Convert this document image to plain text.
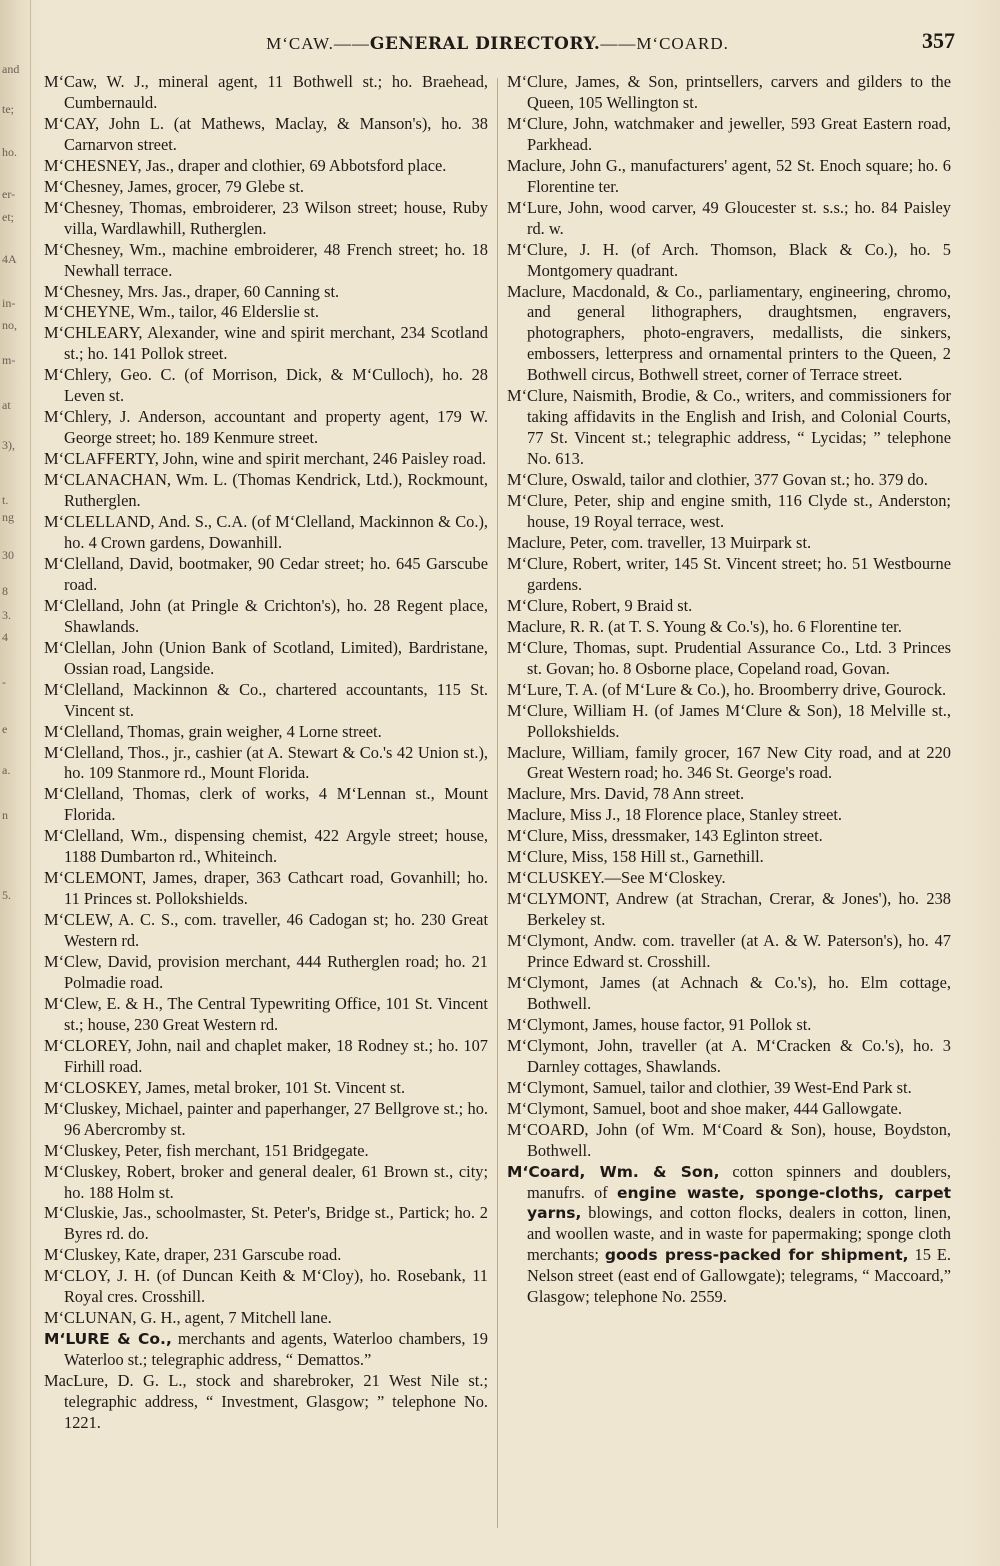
and
te;
ho.
er-
et;
4A
in-
no,
m-
at
3),
t.
ng
30
8
3.
4
-
e
a.
n
5.
M‘CAW.——GENERAL DIRECTORY.——M‘COARD.	357
M‘Caw, W. J., mineral agent, 11 Bothwell st.; ho. Braehead, Cumbernauld.
M‘CAY, John L. (at Mathews, Maclay, & Manson's), ho. 38 Carnarvon street.
M‘CHESNEY, Jas., draper and clothier, 69 Abbotsford place.
M‘Chesney, James, grocer, 79 Glebe st.
M‘Chesney, Thomas, embroiderer, 23 Wilson street; house, Ruby villa, Wardlawhill, Rutherglen.
M‘Chesney, Wm., machine embroiderer, 48 French street; ho. 18 Newhall terrace.
M‘Chesney, Mrs. Jas., draper, 60 Canning st.
M‘CHEYNE, Wm., tailor, 46 Elderslie st.
M‘CHLEARY, Alexander, wine and spirit merchant, 234 Scotland st.; ho. 141 Pollok street.
M‘Chlery, Geo. C. (of Morrison, Dick, & M‘Culloch), ho. 28 Leven st.
M‘Chlery, J. Anderson, accountant and property agent, 179 W. George street; ho. 189 Kenmure street.
M‘CLAFFERTY, John, wine and spirit merchant, 246 Paisley road.
M‘CLANACHAN, Wm. L. (Thomas Kendrick, Ltd.), Rockmount, Rutherglen.
M‘CLELLAND, And. S., C.A. (of M‘Clelland, Mackinnon & Co.), ho. 4 Crown gardens, Dowanhill.
M‘Clelland, David, bootmaker, 90 Cedar street; ho. 645 Garscube road.
M‘Clelland, John (at Pringle & Crichton's), ho. 28 Regent place, Shawlands.
M‘Clellan, John (Union Bank of Scotland, Limited), Bardristane, Ossian road, Langside.
M‘Clelland, Mackinnon & Co., chartered accountants, 115 St. Vincent st.
M‘Clelland, Thomas, grain weigher, 4 Lorne street.
M‘Clelland, Thos., jr., cashier (at A. Stewart & Co.'s 42 Union st.), ho. 109 Stanmore rd., Mount Florida.
M‘Clelland, Thomas, clerk of works, 4 M‘Lennan st., Mount Florida.
M‘Clelland, Wm., dispensing chemist, 422 Argyle street; house, 1188 Dumbarton rd., Whiteinch.
M‘CLEMONT, James, draper, 363 Cathcart road, Govanhill; ho. 11 Princes st. Pollokshields.
M‘CLEW, A. C. S., com. traveller, 46 Cadogan st; ho. 230 Great Western rd.
M‘Clew, David, provision merchant, 444 Rutherglen road; ho. 21 Polmadie road.
M‘Clew, E. & H., The Central Typewriting Office, 101 St. Vincent st.; house, 230 Great Western rd.
M‘CLOREY, John, nail and chaplet maker, 18 Rodney st.; ho. 107 Firhill road.
M‘CLOSKEY, James, metal broker, 101 St. Vincent st.
M‘Cluskey, Michael, painter and paperhanger, 27 Bellgrove st.; ho. 96 Abercromby st.
M‘Cluskey, Peter, fish merchant, 151 Bridgegate.
M‘Cluskey, Robert, broker and general dealer, 61 Brown st., city; ho. 188 Holm st.
M‘Cluskie, Jas., schoolmaster, St. Peter's, Bridge st., Partick; ho. 2 Byres rd. do.
M‘Cluskey, Kate, draper, 231 Garscube road.
M‘CLOY, J. H. (of Duncan Keith & M‘Cloy), ho. Rosebank, 11 Royal cres. Crosshill.
M‘CLUNAN, G. H., agent, 7 Mitchell lane.
M‘LURE & Co., merchants and agents, Waterloo chambers, 19 Waterloo st.; telegraphic address, “ Demattos.”
MacLure, D. G. L., stock and sharebroker, 21 West Nile st.; telegraphic address, “ Investment, Glasgow; ” telephone No. 1221.
M‘Clure, James, & Son, printsellers, carvers and gilders to the Queen, 105 Wellington st.
M‘Clure, John, watchmaker and jeweller, 593 Great Eastern road, Parkhead.
Maclure, John G., manufacturers' agent, 52 St. Enoch square; ho. 6 Florentine ter.
M‘Lure, John, wood carver, 49 Gloucester st. s.s.; ho. 84 Paisley rd. w.
M‘Clure, J. H. (of Arch. Thomson, Black & Co.), ho. 5 Montgomery quadrant.
Maclure, Macdonald, & Co., parliamentary, engineering, chromo, and general lithographers, draughtsmen, engravers, photographers, photo-engravers, medallists, die sinkers, embossers, letterpress and ornamental printers to the Queen, 2 Bothwell circus, Bothwell street, corner of Terrace street.
M‘Clure, Naismith, Brodie, & Co., writers, and commissioners for taking affidavits in the English and Irish, and Colonial Courts, 77 St. Vincent st.; telegraphic address, “ Lycidas; ” telephone No. 613.
M‘Clure, Oswald, tailor and clothier, 377 Govan st.; ho. 379 do.
M‘Clure, Peter, ship and engine smith, 116 Clyde st., Anderston; house, 19 Royal terrace, west.
Maclure, Peter, com. traveller, 13 Muirpark st.
M‘Clure, Robert, writer, 145 St. Vincent street; ho. 51 Westbourne gardens.
M‘Clure, Robert, 9 Braid st.
Maclure, R. R. (at T. S. Young & Co.'s), ho. 6 Florentine ter.
M‘Clure, Thomas, supt. Prudential Assurance Co., Ltd. 3 Princes st. Govan; ho. 8 Osborne place, Copeland road, Govan.
M‘Lure, T. A. (of M‘Lure & Co.), ho. Broomberry drive, Gourock.
M‘Clure, William H. (of James M‘Clure & Son), 18 Melville st., Pollokshields.
Maclure, William, family grocer, 167 New City road, and at 220 Great Western road; ho. 346 St. George's road.
Maclure, Mrs. David, 78 Ann street.
Maclure, Miss J., 18 Florence place, Stanley street.
M‘Clure, Miss, dressmaker, 143 Eglinton street.
M‘Clure, Miss, 158 Hill st., Garnethill.
M‘CLUSKEY.—See M‘Closkey.
M‘CLYMONT, Andrew (at Strachan, Crerar, & Jones'), ho. 238 Berkeley st.
M‘Clymont, Andw. com. traveller (at A. & W. Paterson's), ho. 47 Prince Edward st. Crosshill.
M‘Clymont, James (at Achnach & Co.'s), ho. Elm cottage, Bothwell.
M‘Clymont, James, house factor, 91 Pollok st.
M‘Clymont, John, traveller (at A. M‘Cracken & Co.'s), ho. 3 Darnley cottages, Shawlands.
M‘Clymont, Samuel, tailor and clothier, 39 West-End Park st.
M‘Clymont, Samuel, boot and shoe maker, 444 Gallowgate.
M‘COARD, John (of Wm. M‘Coard & Son), house, Boydston, Bothwell.
M‘Coard, Wm. & Son, cotton spinners and doublers, manufrs. of engine waste, sponge-cloths, carpet yarns, blowings, and cotton flocks, dealers in cotton, linen, and woollen waste, and in waste for papermaking; sponge cloth merchants; goods press-packed for shipment, 15 E. Nelson street (east end of Gallowgate); telegrams, “ Maccoard,” Glasgow; telephone No. 2559.
